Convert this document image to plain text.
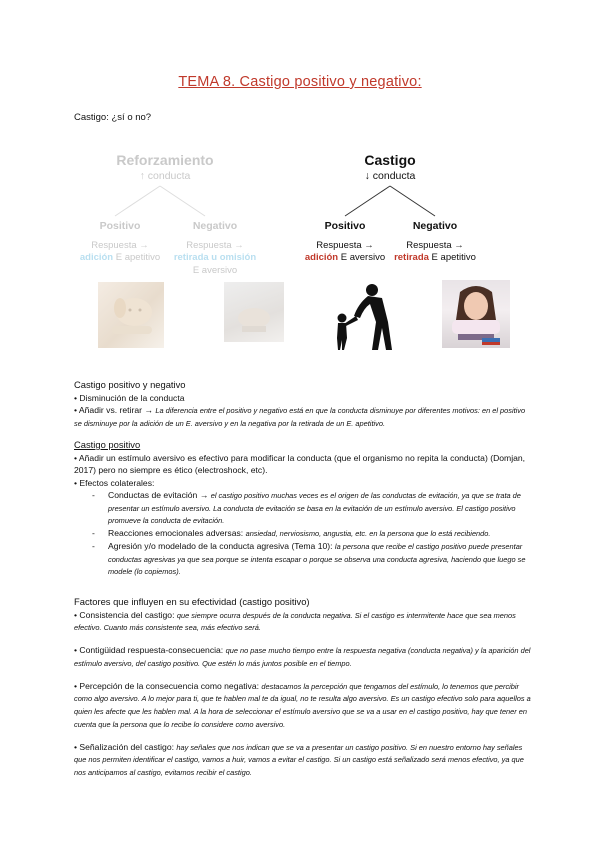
TEMA 8. Castigo positivo y negativo:
Castigo: ¿sí o no?
Reforzamiento
↑ conducta
Positivo	Negativo
Respuesta →
adición E apetitivo
Respuesta →
retirada u omisión
E aversivo
Castigo
↓ conducta
Positivo	Negativo
Respuesta →
adición E aversivo
Respuesta →
retirada E apetitivo

Castigo positivo y negativo

• Disminución de la conducta

• Añadir vs. retirar → La diferencia entre el positivo y negativo está en que la conducta disminuye por diferentes motivos: en el positivo se disminuye por la adición de un E. aversivo y en la negativa por la retirada de un E. apetitivo.

Castigo positivo

• Añadir un estímulo aversivo es efectivo para modificar la conducta (que el organismo no repita la conducta) (Domjan, 2017) pero no siempre es ético (electroshock, etc).

• Efectos colaterales:

- Conductas de evitación → el castigo positivo muchas veces es el origen de las conductas de evitación, ya que se trata de presentar un estímulo aversivo. La conducta de evitación se basa en la evitación de un estímulo aversivo. El castigo positivo promueve la conducta de evitación.

- Reacciones emocionales adversas: ansiedad, nerviosismo, angustia, etc. en la persona que lo está recibiendo.

- Agresión y/o modelado de la conducta agresiva (Tema 10): la persona que recibe el castigo positivo puede presentar conductas agresivas ya que sea porque se intenta escapar o porque se observa una conducta agresiva, haciendo que luego se modele (lo copiemos).

Factores que influyen en su efectividad (castigo positivo)

• Consistencia del castigo: que siempre ocurra después de la conducta negativa. Si el castigo es intermitente hace que sea menos efectivo. Cuanto más consistente sea, más efectivo será.

• Contigüidad respuesta-consecuencia: que no pase mucho tiempo entre la respuesta negativa (conducta negativa) y la aparición del estímulo aversivo, del castigo positivo. Que estén lo más juntos posible en el tiempo.

• Percepción de la consecuencia como negativa: destacamos la percepción que tengamos del estímulo, lo tenemos que percibir como algo aversivo. A lo mejor para ti, que te hablen mal te da igual, no te resulta algo aversivo. Es un castigo efectivo solo para aquellos a quien les afecte que les hablen mal. A la hora de seleccionar el estímulo aversivo que se va a usar en el castigo positivo, hay que tener en cuenta que la persona que lo recibe lo considere como aversivo.

• Señalización del castigo: hay señales que nos indican que se va a presentar un castigo positivo. Si en nuestro entorno hay señales que nos permiten identificar el castigo, vamos a huir, vamos a evitar el castigo. Si un castigo está señalizado será menos efectivo, ya que nos anticipamos al castigo, evitamos recibir el castigo.
